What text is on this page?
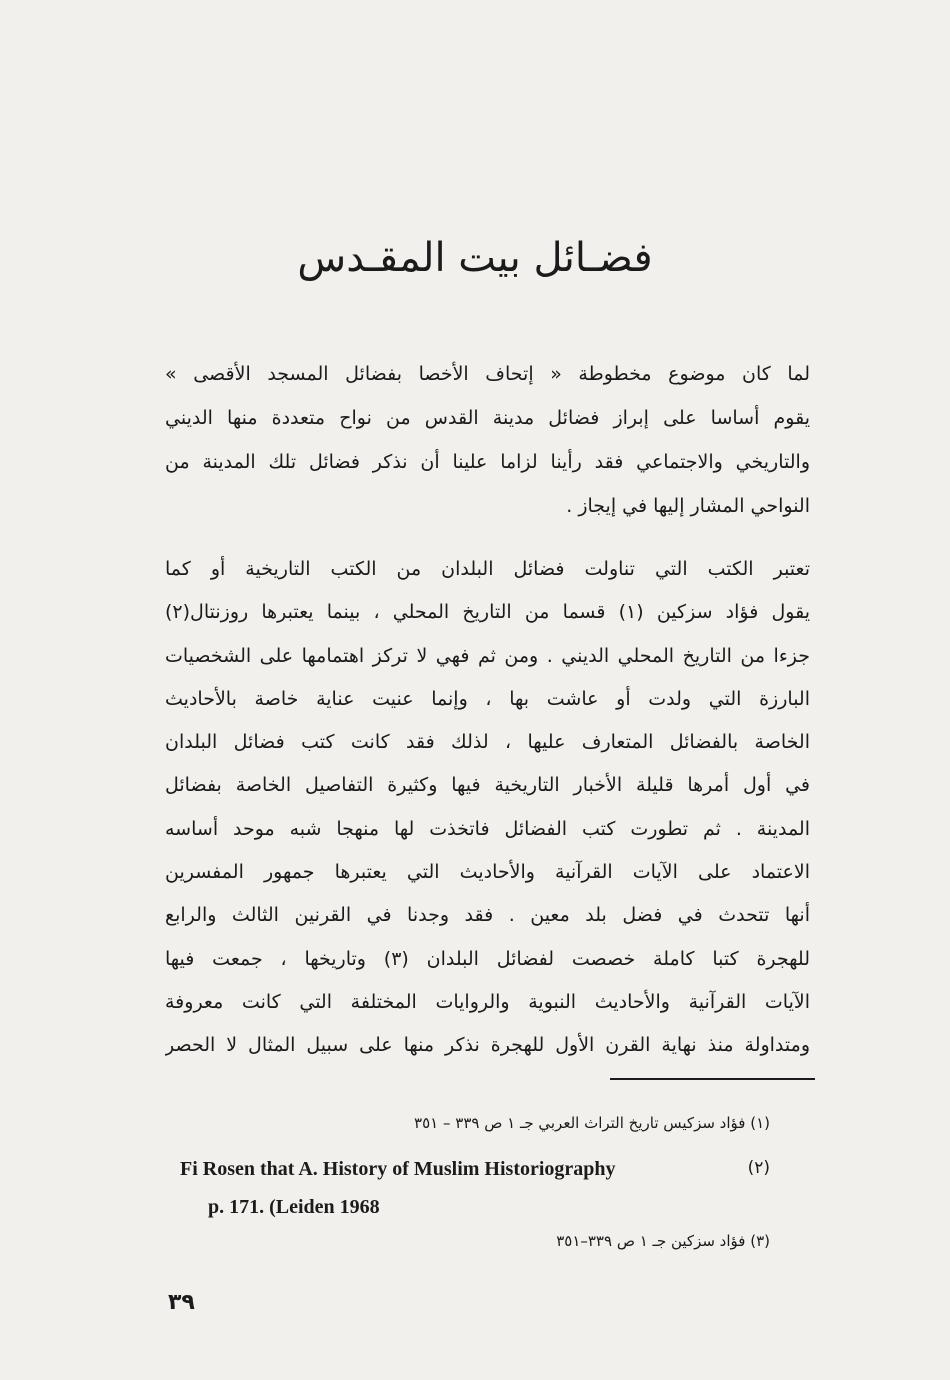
فضـائل بيت المقـدس
لما كان موضوع مخطوطة « إتحاف الأخصا بفضائل المسجد الأقصى »
يقوم أساسا على إبراز فضائل مدينة القدس من نواح متعددة منها الديني
والتاريخي والاجتماعي فقد رأينا لزاما علينا أن نذكر فضائل تلك المدينة من
النواحي المشار إليها في إيجاز .
تعتبر الكتب التي تناولت فضائل البلدان من الكتب التاريخية أو كما
يقول فؤاد سزكين (١) قسما من التاريخ المحلي ، بينما يعتبرها روزنتال(٢)
جزءا من التاريخ المحلي الديني . ومن ثم فهي لا تركز اهتمامها على الشخصيات
البارزة التي ولدت أو عاشت بها ، وإنما عنيت عناية خاصة بالأحاديث
الخاصة بالفضائل المتعارف عليها ، لذلك فقد كانت كتب فضائل البلدان
في أول أمرها قليلة الأخبار التاريخية فيها وكثيرة التفاصيل الخاصة بفضائل
المدينة . ثم تطورت كتب الفضائل فاتخذت لها منهجا شبه موحد أساسه
الاعتماد على الآيات القرآنية والأحاديث التي يعتبرها جمهور المفسرين
أنها تتحدث في فضل بلد معين . فقد وجدنا في القرنين الثالث والرابع
للهجرة كتبا كاملة خصصت لفضائل البلدان (٣) وتاريخها ، جمعت فيها
الآيات القرآنية والأحاديث النبوية والروايات المختلفة التي كانت معروفة
ومتداولة منذ نهاية القرن الأول للهجرة نذكر منها على سبيل المثال لا الحصر
(١) فؤاد سزكيس تاريخ التراث العربي جـ ١ ص ٣٣٩ – ٣٥١
(٢)
Fi Rosen that A. History of Muslim Historiography
p. 171. (Leiden 1968
(٣) فؤاد سزكين جـ ١ ص ٣٣٩–٣٥١
٣٩
